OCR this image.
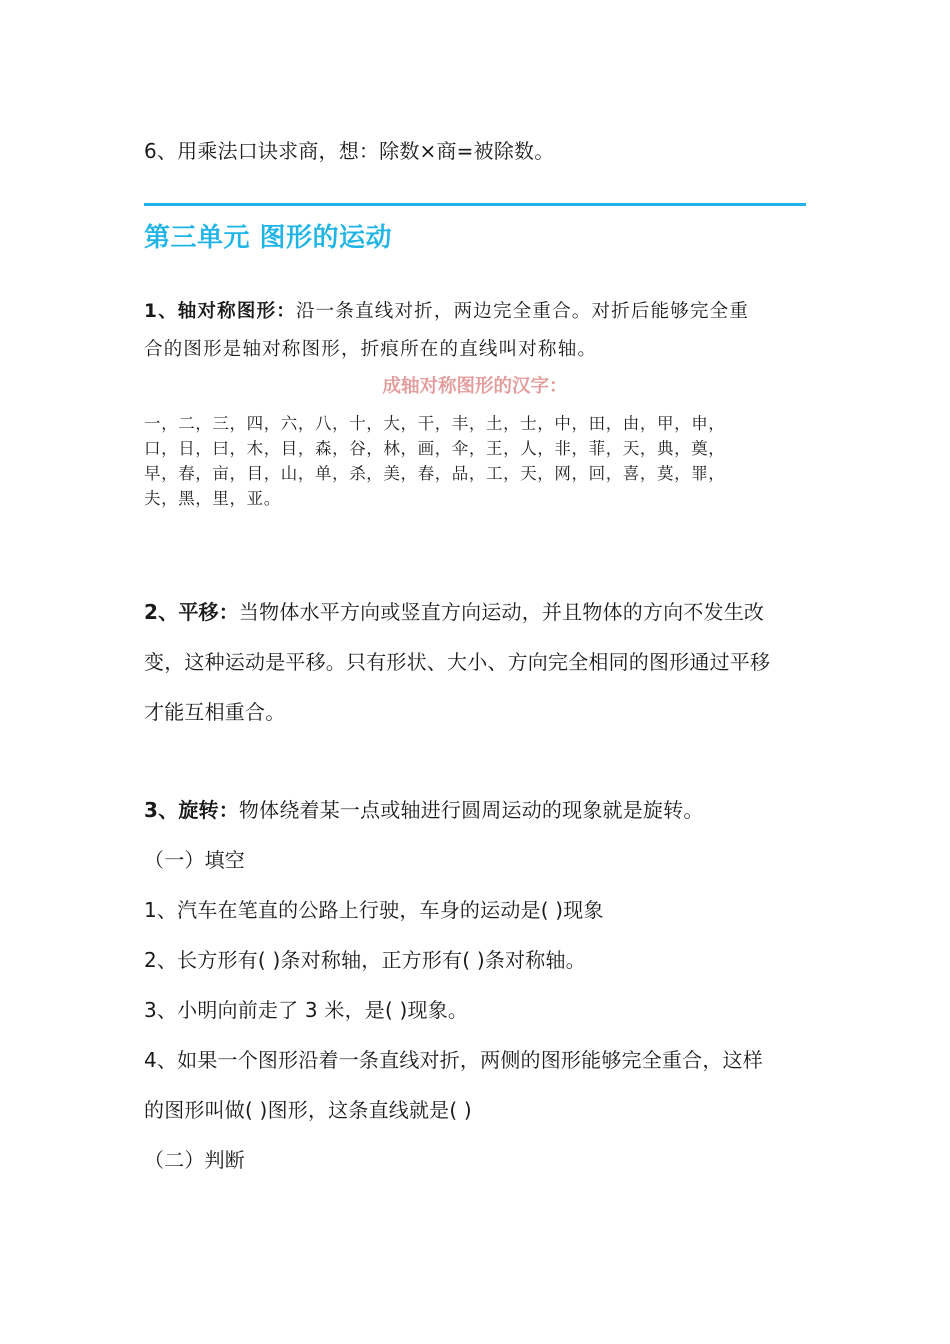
6、用乘法口诀求商，想：除数×商=被除数。

第三单元 图形的运动

1、轴对称图形：沿一条直线对折，两边完全重合。对折后能够完全重

合的图形是轴对称图形，折痕所在的直线叫对称轴。

成轴对称图形的汉字：

一，二，三，四，六，八，十，大，干，丰，土，士，中，田，由，甲，申，

口，日，曰，木，目，森，谷，林，画，伞，王，人，非，菲，天，典，奠，

早，春，亩，目，山，单，杀，美，春，品，工，天，网，回，喜，莫，罪，

夫，黑，里，亚。

2、平移：当物体水平方向或竖直方向运动，并且物体的方向不发生改

变，这种运动是平移。只有形状、大小、方向完全相同的图形通过平移

才能互相重合。

3、旋转：物体绕着某一点或轴进行圆周运动的现象就是旋转。

（一）填空

1、汽车在笔直的公路上行驶，车身的运动是( )现象

2、长方形有( )条对称轴，正方形有( )条对称轴。

3、小明向前走了 3 米，是( )现象。

4、如果一个图形沿着一条直线对折，两侧的图形能够完全重合，这样

的图形叫做( )图形，这条直线就是( )

（二）判断
